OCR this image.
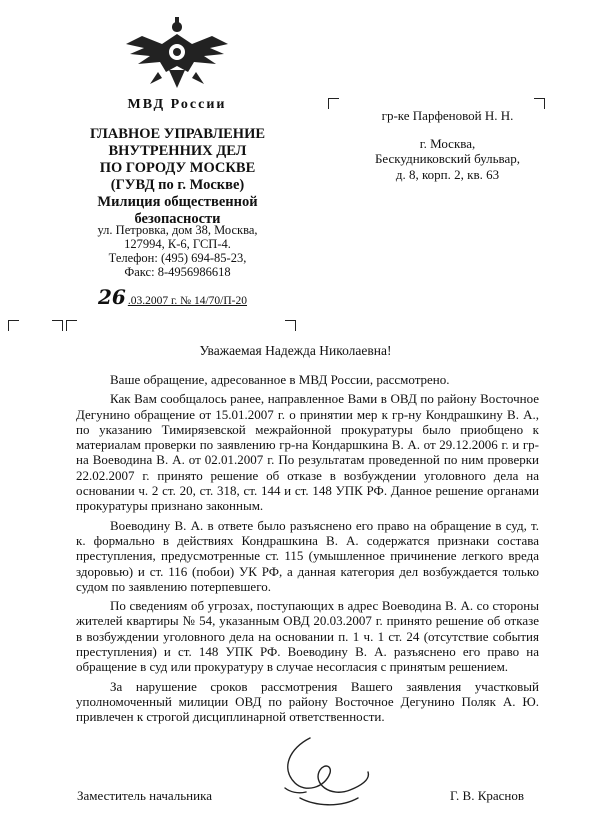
МВД России
ГЛАВНОЕ УПРАВЛЕНИЕ
ВНУТРЕННИХ ДЕЛ
ПО ГОРОДУ МОСКВЕ
(ГУВД по г. Москве)
Милиция общественной
безопасности
ул. Петровка, дом 38, Москва,
127994, К-6, ГСП-4.
Телефон: (495) 694-85-23,
Факс: 8-4956986618
26 .03.2007 г. № 14/70/П-20
гр-ке Парфеновой Н. Н.
г. Москва,
Бескудниковский бульвар,
д. 8, корп. 2, кв. 63
Уважаемая Надежда Николаевна!

Ваше обращение, адресованное в МВД России, рассмотрено.

Как Вам сообщалось ранее, направленное Вами в ОВД по району Восточное Дегунино обращение от 15.01.2007 г. о принятии мер к гр-ну Кондрашкину В. А., по указанию Тимирязевской межрайонной прокуратуры было приобщено к материалам проверки по заявлению гр-на Кондаршкина В. А. от 29.12.2006 г. и гр-на Воеводина В. А. от 02.01.2007 г. По результатам проведенной по ним проверки 22.02.2007 г. принято решение об отказе в возбуждении уголовного дела на основании ч. 2 ст. 20, ст. 318, ст. 144 и ст. 148 УПК РФ. Данное решение органами прокуратуры признано законным.

Воеводину В. А. в ответе было разъяснено его право на обращение в суд, т. к. формально в действиях Кондрашкина В. А. содержатся признаки состава преступления, предусмотренные ст. 115 (умышленное причинение легкого вреда здоровью) и ст. 116 (побои) УК РФ, а данная категория дел возбуждается только судом по заявлению потерпевшего.

По сведениям об угрозах, поступающих в адрес Воеводина В. А. со стороны жителей квартиры № 54, указанным ОВД 20.03.2007 г. принято решение об отказе в возбуждении уголовного дела на основании п. 1 ч. 1 ст. 24 (отсутствие события преступления) и ст. 148 УПК РФ. Воеводину В. А. разъяснено его право на обращение в суд или прокуратуру в случае несогласия с принятым решением.

За нарушение сроков рассмотрения Вашего заявления участковый уполномоченный милиции ОВД по району Восточное Дегунино Поляк А. Ю. привлечен к строгой дисциплинарной ответственности.

Заместитель начальника	Г. В. Краснов
